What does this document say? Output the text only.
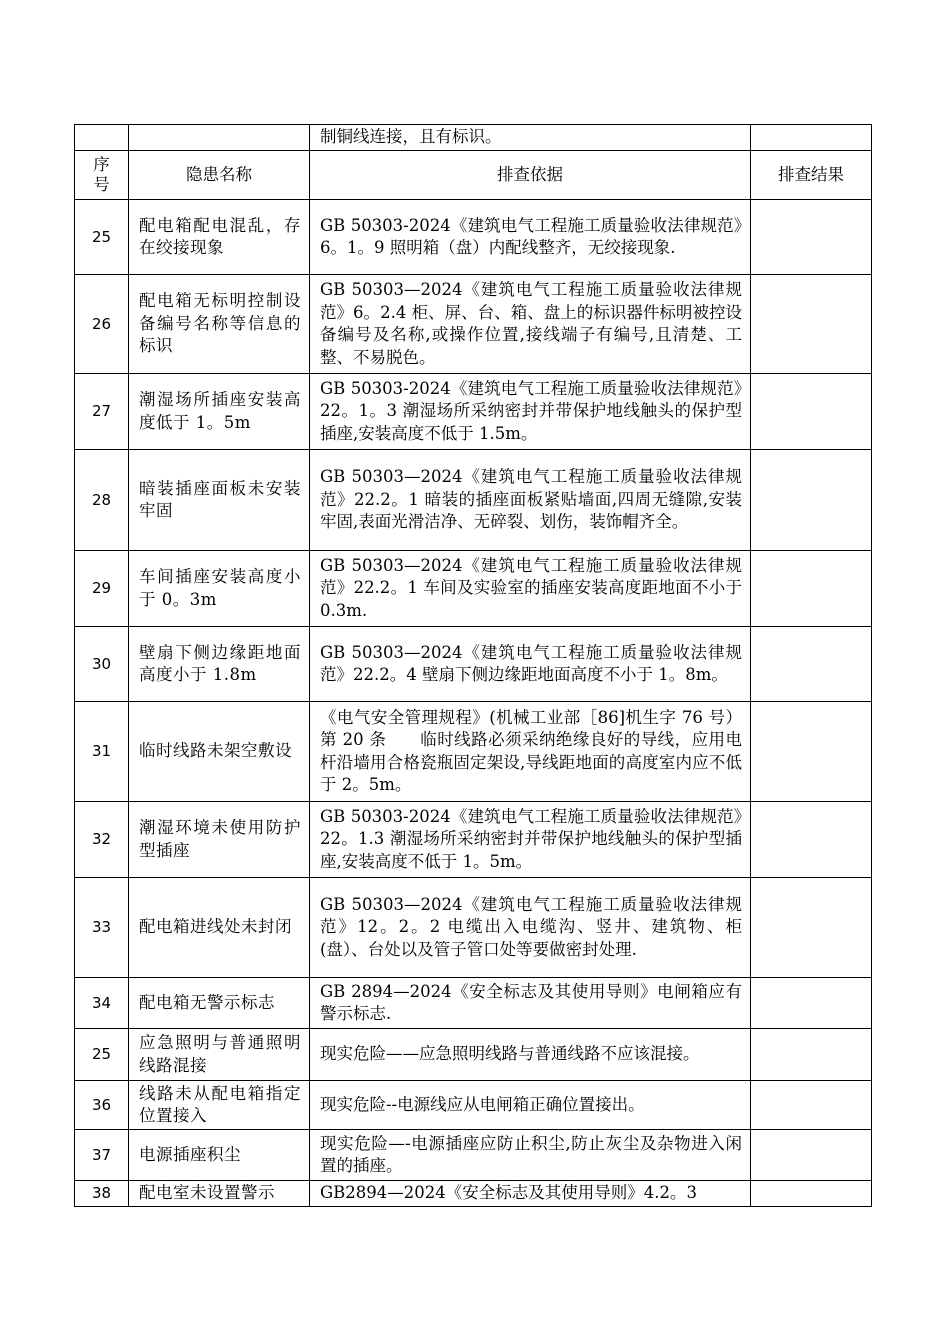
		制铜线连接，且有标识。	
序号	隐患名称	排查依据	排查结果
25	配电箱配电混乱，存在绞接现象	GB 50303-2024《建筑电气工程施工质量验收法律规范》6。1。9 照明箱（盘）内配线整齐，无绞接现象.	
26	配电箱无标明控制设备编号名称等信息的标识	GB 50303—2024《建筑电气工程施工质量验收法律规范》6。2.4 柜、屏、台、箱、盘上的标识器件标明被控设备编号及名称,或操作位置,接线端子有编号,且清楚、工整、不易脱色。	
27	潮湿场所插座安装高度低于 1。5m	GB 50303-2024《建筑电气工程施工质量验收法律规范》22。1。3 潮湿场所采纳密封并带保护地线触头的保护型插座,安装高度不低于 1.5m。	
28	暗装插座面板未安装牢固	GB 50303—2024《建筑电气工程施工质量验收法律规范》22.2。1 暗装的插座面板紧贴墙面,四周无缝隙,安装牢固,表面光滑洁净、无碎裂、划伤，装饰帽齐全。	
29	车间插座安装高度小于 0。3m	GB 50303—2024《建筑电气工程施工质量验收法律规范》22.2。1 车间及实验室的插座安装高度距地面不小于 0.3m.	
30	壁扇下侧边缘距地面高度小于 1.8m	GB 50303—2024《建筑电气工程施工质量验收法律规范》22.2。4 壁扇下侧边缘距地面高度不小于 1。8m。	
31	临时线路未架空敷设	《电气安全管理规程》(机械工业部［86]机生字 76 号）第 20 条　　临时线路必须采纳绝缘良好的导线，应用电杆沿墙用合格瓷瓶固定架设,导线距地面的高度室内应不低于 2。5m。	
32	潮湿环境未使用防护型插座	GB 50303-2024《建筑电气工程施工质量验收法律规范》22。1.3 潮湿场所采纳密封并带保护地线触头的保护型插座,安装高度不低于 1。5m。	
33	配电箱进线处未封闭	GB 50303—2024《建筑电气工程施工质量验收法律规范》12。2。2 电缆出入电缆沟、竖井、建筑物、柜(盘）、台处以及管子管口处等要做密封处理.	
34	配电箱无警示标志	GB 2894—2024《安全标志及其使用导则》电闸箱应有警示标志.	
25	应急照明与普通照明线路混接	现实危险——应急照明线路与普通线路不应该混接。	
36	线路未从配电箱指定位置接入	现实危险--电源线应从电闸箱正确位置接出。	
37	电源插座积尘	现实危险—-电源插座应防止积尘,防止灰尘及杂物进入闲置的插座。	
38	配电室未设置警示	GB2894—2024《安全标志及其使用导则》4.2。3	
